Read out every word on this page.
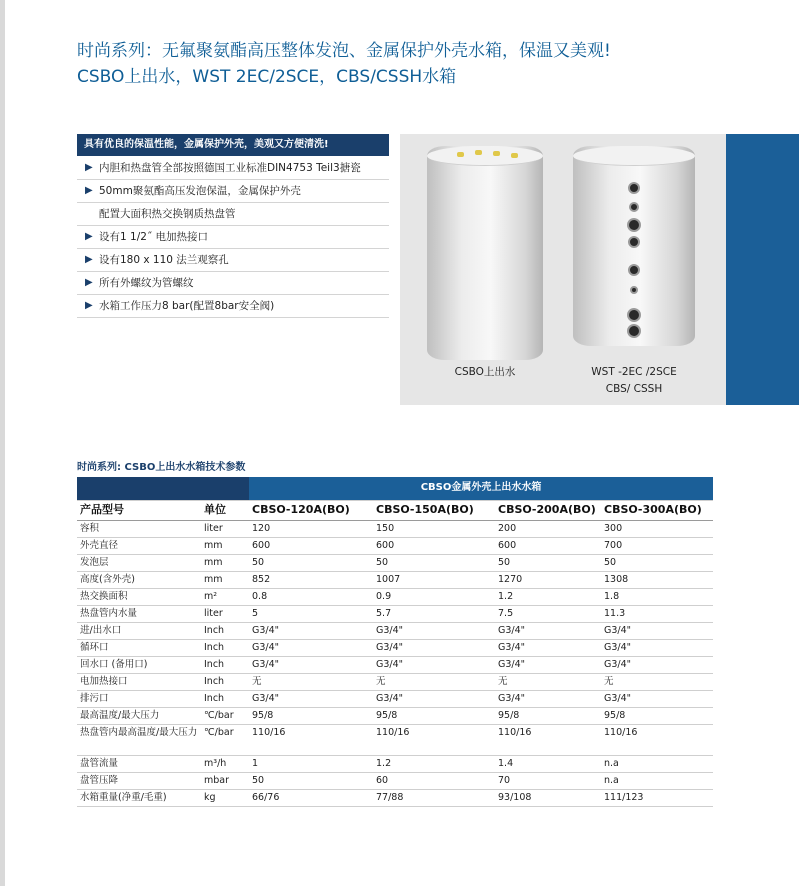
时尚系列：无氟聚氨酯高压整体发泡、金属保护外壳水箱，保温又美观!
CSBO上出水，WST 2EC/2SCE，CBS/CSSH水箱
具有优良的保温性能，金属保护外壳，美观又方便清洗!
▶ 内胆和热盘管全部按照德国工业标准DIN4753 Teil3搪瓷
▶ 50mm聚氨酯高压发泡保温，金属保护外壳
配置大面积热交换钢质热盘管
▶ 设有1 1/2˝ 电加热接口
▶ 设有180 x 110 法兰观察孔
▶ 所有外螺纹为管螺纹
▶ 水箱工作压力8 bar(配置8bar安全阀)
CSBO上出水	WST -2EC /2SCE
CBS/ CSSH
时尚系列: CSBO上出水水箱技术参数
		CBSO金属外壳上出水水箱			
产品型号	单位	CBSO-120A(BO)	CBSO-150A(BO)	CBSO-200A(BO)	CBSO-300A(BO)
容积	liter	120	150	200	300
外壳直径	mm	600	600	600	700
发泡层	mm	50	50	50	50
高度(含外壳)	mm	852	1007	1270	1308
热交换面积	m²	0.8	0.9	1.2	1.8
热盘管内水量	liter	5	5.7	7.5	11.3
进/出水口	Inch	G3/4"	G3/4"	G3/4"	G3/4"
循环口	Inch	G3/4"	G3/4"	G3/4"	G3/4"
回水口 (备用口)	Inch	G3/4"	G3/4"	G3/4"	G3/4"
电加热接口	Inch	无	无	无	无
排污口	Inch	G3/4"	G3/4"	G3/4"	G3/4"
最高温度/最大压力	℃/bar	95/8	95/8	95/8	95/8
热盘管内最高温度/最大压力	℃/bar	110/16	110/16	110/16	110/16
盘管流量	m³/h	1	1.2	1.4	n.a
盘管压降	mbar	50	60	70	n.a
水箱重量(净重/毛重)	kg	66/76	77/88	93/108	111/123
